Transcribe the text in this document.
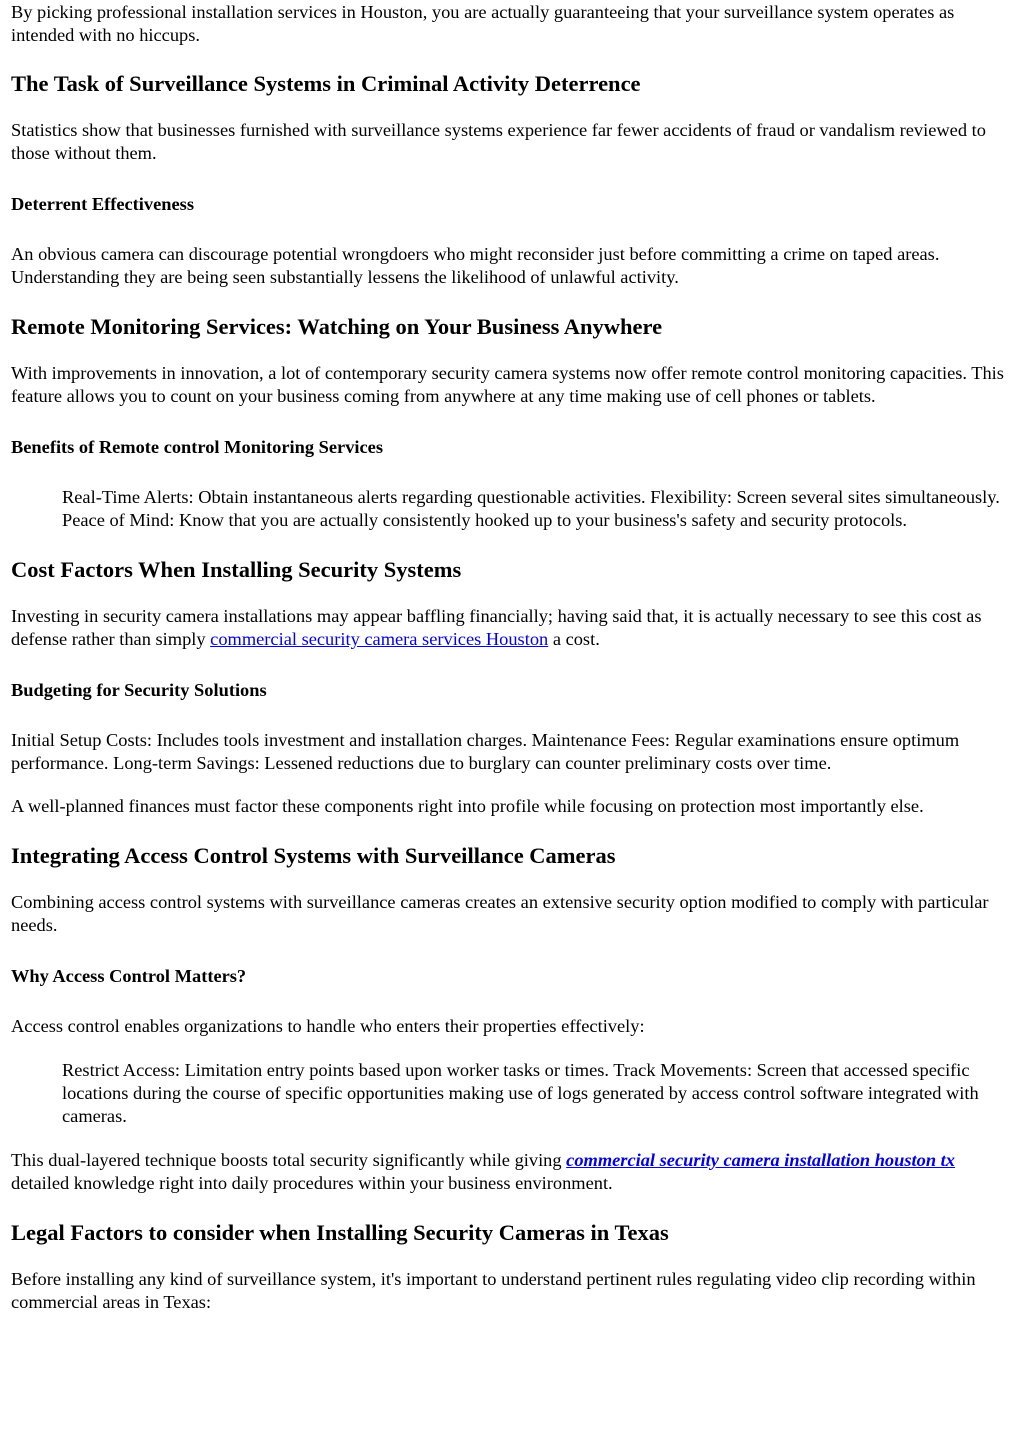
By picking professional installation services in Houston, you are actually guaranteeing that your surveillance system operates as intended with no hiccups.

The Task of Surveillance Systems in Criminal Activity Deterrence

Statistics show that businesses furnished with surveillance systems experience far fewer accidents of fraud or vandalism reviewed to those without them.

Deterrent Effectiveness

An obvious camera can discourage potential wrongdoers who might reconsider just before committing a crime on taped areas. Understanding they are being seen substantially lessens the likelihood of unlawful activity.

Remote Monitoring Services: Watching on Your Business Anywhere

With improvements in innovation, a lot of contemporary security camera systems now offer remote control monitoring capacities. This feature allows you to count on your business coming from anywhere at any time making use of cell phones or tablets.

Benefits of Remote control Monitoring Services
Real-Time Alerts: Obtain instantaneous alerts regarding questionable activities. Flexibility: Screen several sites simultaneously. Peace of Mind: Know that you are actually consistently hooked up to your business's safety and security protocols.
Cost Factors When Installing Security Systems

Investing in security camera installations may appear baffling financially; having said that, it is actually necessary to see this cost as defense rather than simply commercial security camera services Houston a cost.

Budgeting for Security Solutions

Initial Setup Costs: Includes tools investment and installation charges. Maintenance Fees: Regular examinations ensure optimum performance. Long-term Savings: Lessened reductions due to burglary can counter preliminary costs over time.

A well-planned finances must factor these components right into profile while focusing on protection most importantly else.

Integrating Access Control Systems with Surveillance Cameras

Combining access control systems with surveillance cameras creates an extensive security option modified to comply with particular needs.

Why Access Control Matters?

Access control enables organizations to handle who enters their properties effectively:

Restrict Access: Limitation entry points based upon worker tasks or times. Track Movements: Screen that accessed specific locations during the course of specific opportunities making use of logs generated by access control software integrated with cameras.

This dual-layered technique boosts total security significantly while giving commercial security camera installation houston tx detailed knowledge right into daily procedures within your business environment.

Legal Factors to consider when Installing Security Cameras in Texas

Before installing any kind of surveillance system, it's important to understand pertinent rules regulating video clip recording within commercial areas in Texas:
